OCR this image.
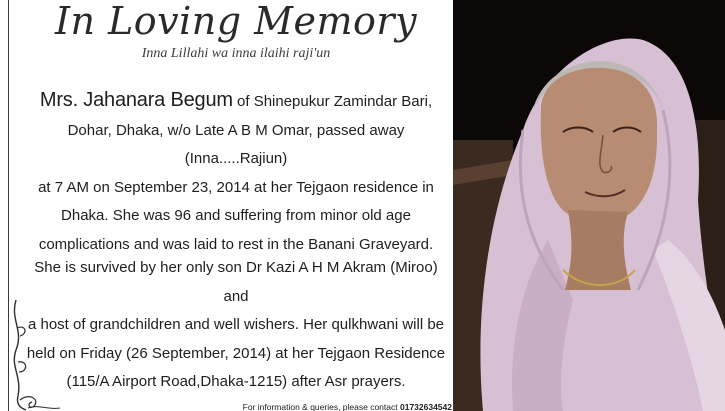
In Loving Memory
Inna Lillahi wa inna ilaihi raji'un
Mrs. Jahanara Begum of Shinepukur Zamindar Bari,
Dohar, Dhaka, w/o Late A B M Omar, passed away (Inna.....Rajiun)
at 7 AM on September 23, 2014 at her Tejgaon residence in
Dhaka. She was 96 and suffering from minor old age
complications and was laid to rest in the Banani Graveyard.
She is survived by her only son Dr Kazi A H M Akram (Miroo) and
a host of grandchildren and well wishers. Her qulkhwani will be
held on Friday (26 September, 2014) at her Tejgaon Residence
(115/A Airport Road,Dhaka-1215) after Asr prayers.
For information & queries, please contact 01732634542
